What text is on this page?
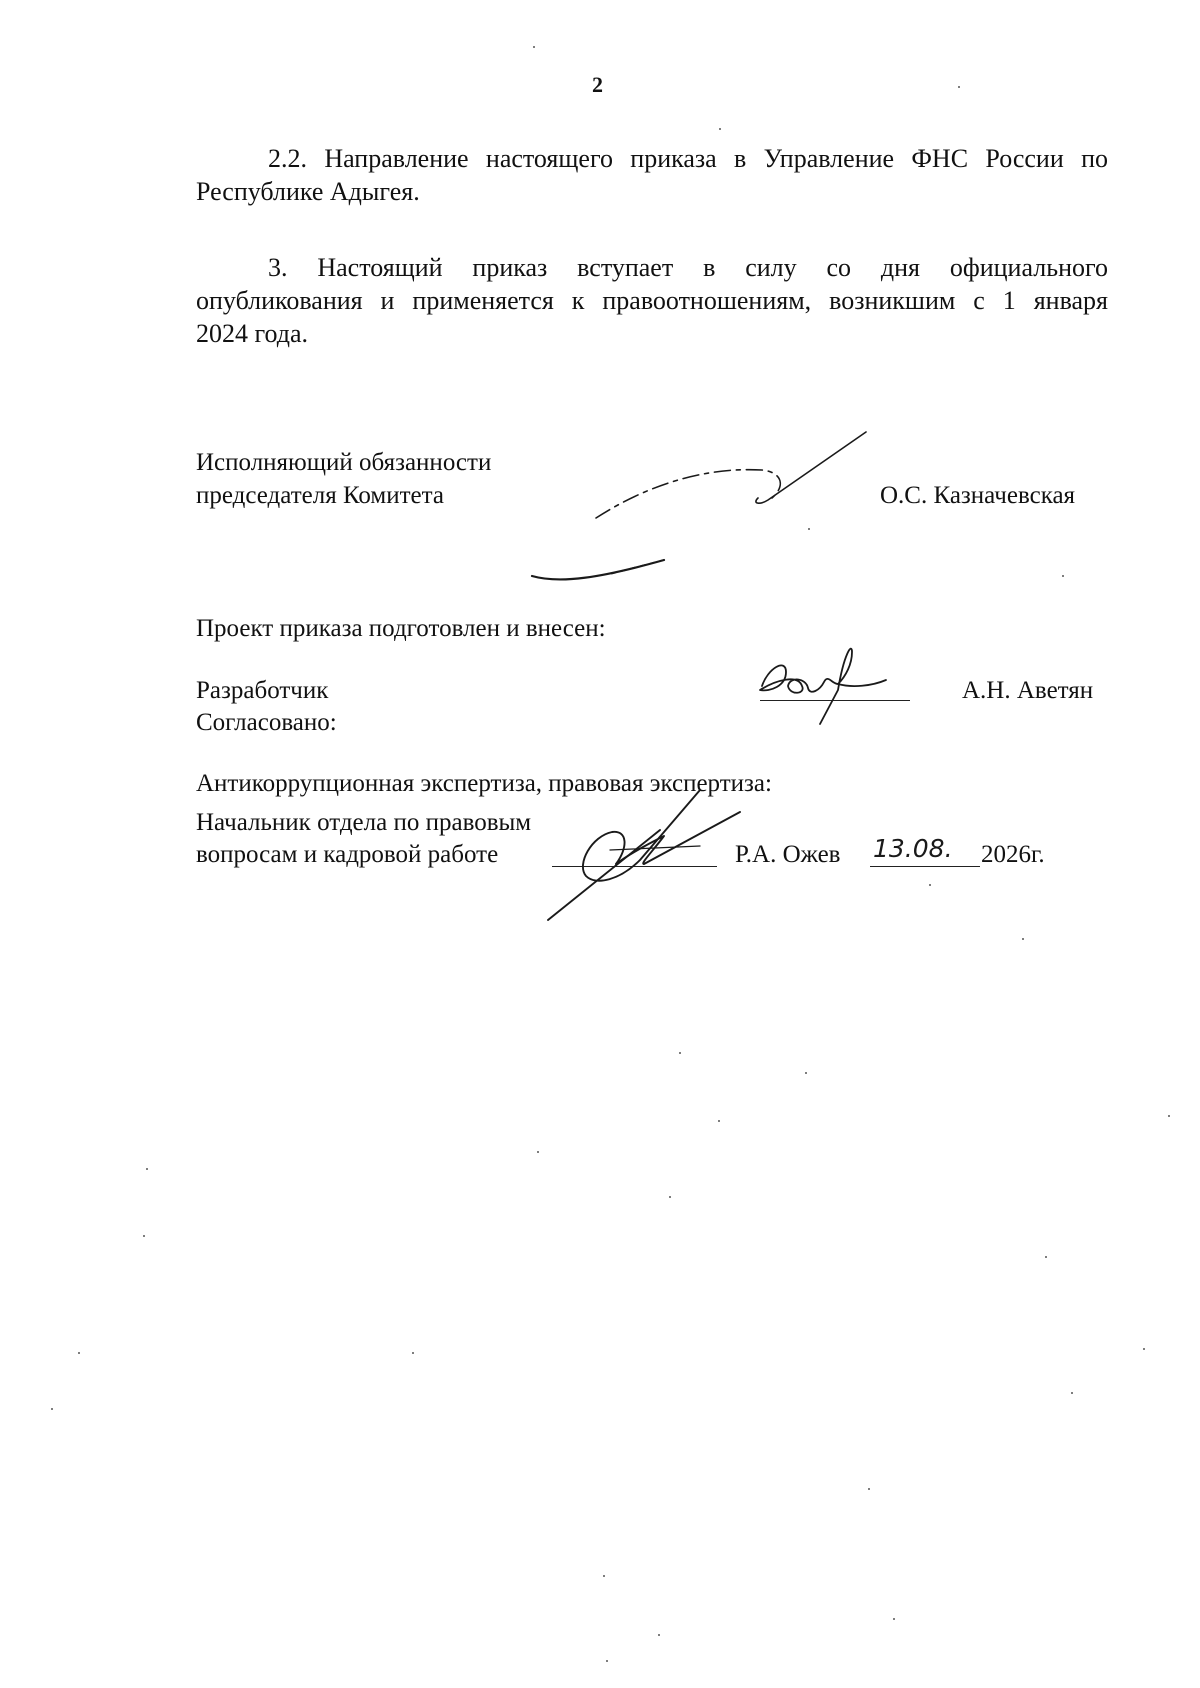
2
2.2. Направление настоящего приказа в Управление ФНС России по
Республике Адыгея.
3. Настоящий приказ вступает в силу со дня официального
опубликования и применяется к правоотношениям, возникшим с 1 января
2024 года.
Исполняющий обязанности
председателя Комитета	О.С. Казначевская
Проект приказа подготовлен и внесен:
Разработчик	А.Н. Аветян
Согласовано:
Антикоррупционная экспертиза, правовая экспертиза:
Начальник отдела по правовым
вопросам и кадровой работе	Р.А. Ожев 13.08. 2026г.
